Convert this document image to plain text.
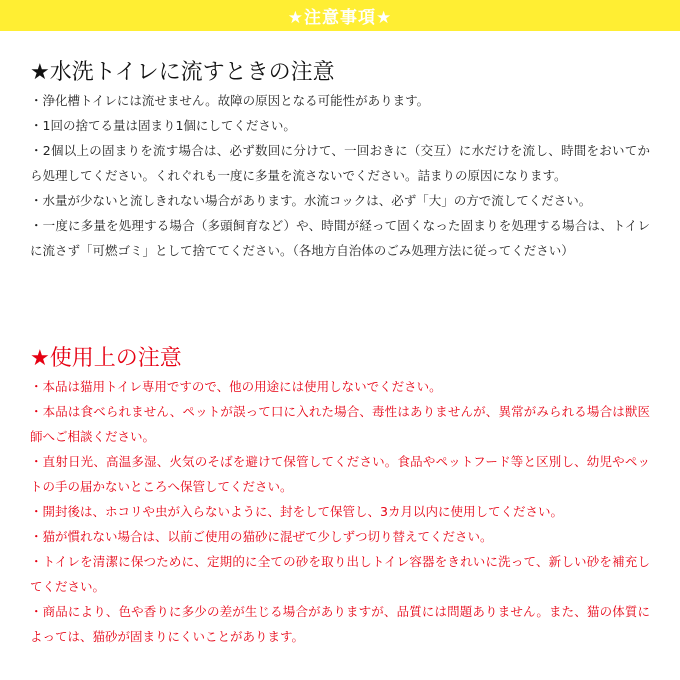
★注意事項★
★水洗トイレに流すときの注意
・浄化槽トイレには流せません。故障の原因となる可能性があります。
・1回の捨てる量は固まり1個にしてください。
・2個以上の固まりを流す場合は、必ず数回に分けて、一回おきに（交互）に水だけを流し、時間をおいてから処理してください。くれぐれも一度に多量を流さないでください。詰まりの原因になります。
・水量が少ないと流しきれない場合があります。水流コックは、必ず「大」の方で流してください。
・一度に多量を処理する場合（多頭飼育など）や、時間が経って固くなった固まりを処理する場合は、トイレに流さず「可燃ゴミ」として捨ててください。（各地方自治体のごみ処理方法に従ってください）
★使用上の注意
・本品は猫用トイレ専用ですので、他の用途には使用しないでください。
・本品は食べられません、ペットが誤って口に入れた場合、毒性はありませんが、異常がみられる場合は獣医師へご相談ください。
・直射日光、高温多湿、火気のそばを避けて保管してください。食品やペットフード等と区別し、幼児やペットの手の届かないところへ保管してください。
・開封後は、ホコリや虫が入らないように、封をして保管し、3カ月以内に使用してください。
・猫が慣れない場合は、以前ご使用の猫砂に混ぜて少しずつ切り替えてください。
・トイレを清潔に保つために、定期的に全ての砂を取り出しトイレ容器をきれいに洗って、新しい砂を補充してください。
・商品により、色や香りに多少の差が生じる場合がありますが、品質には問題ありません。また、猫の体質によっては、猫砂が固まりにくいことがあります。
